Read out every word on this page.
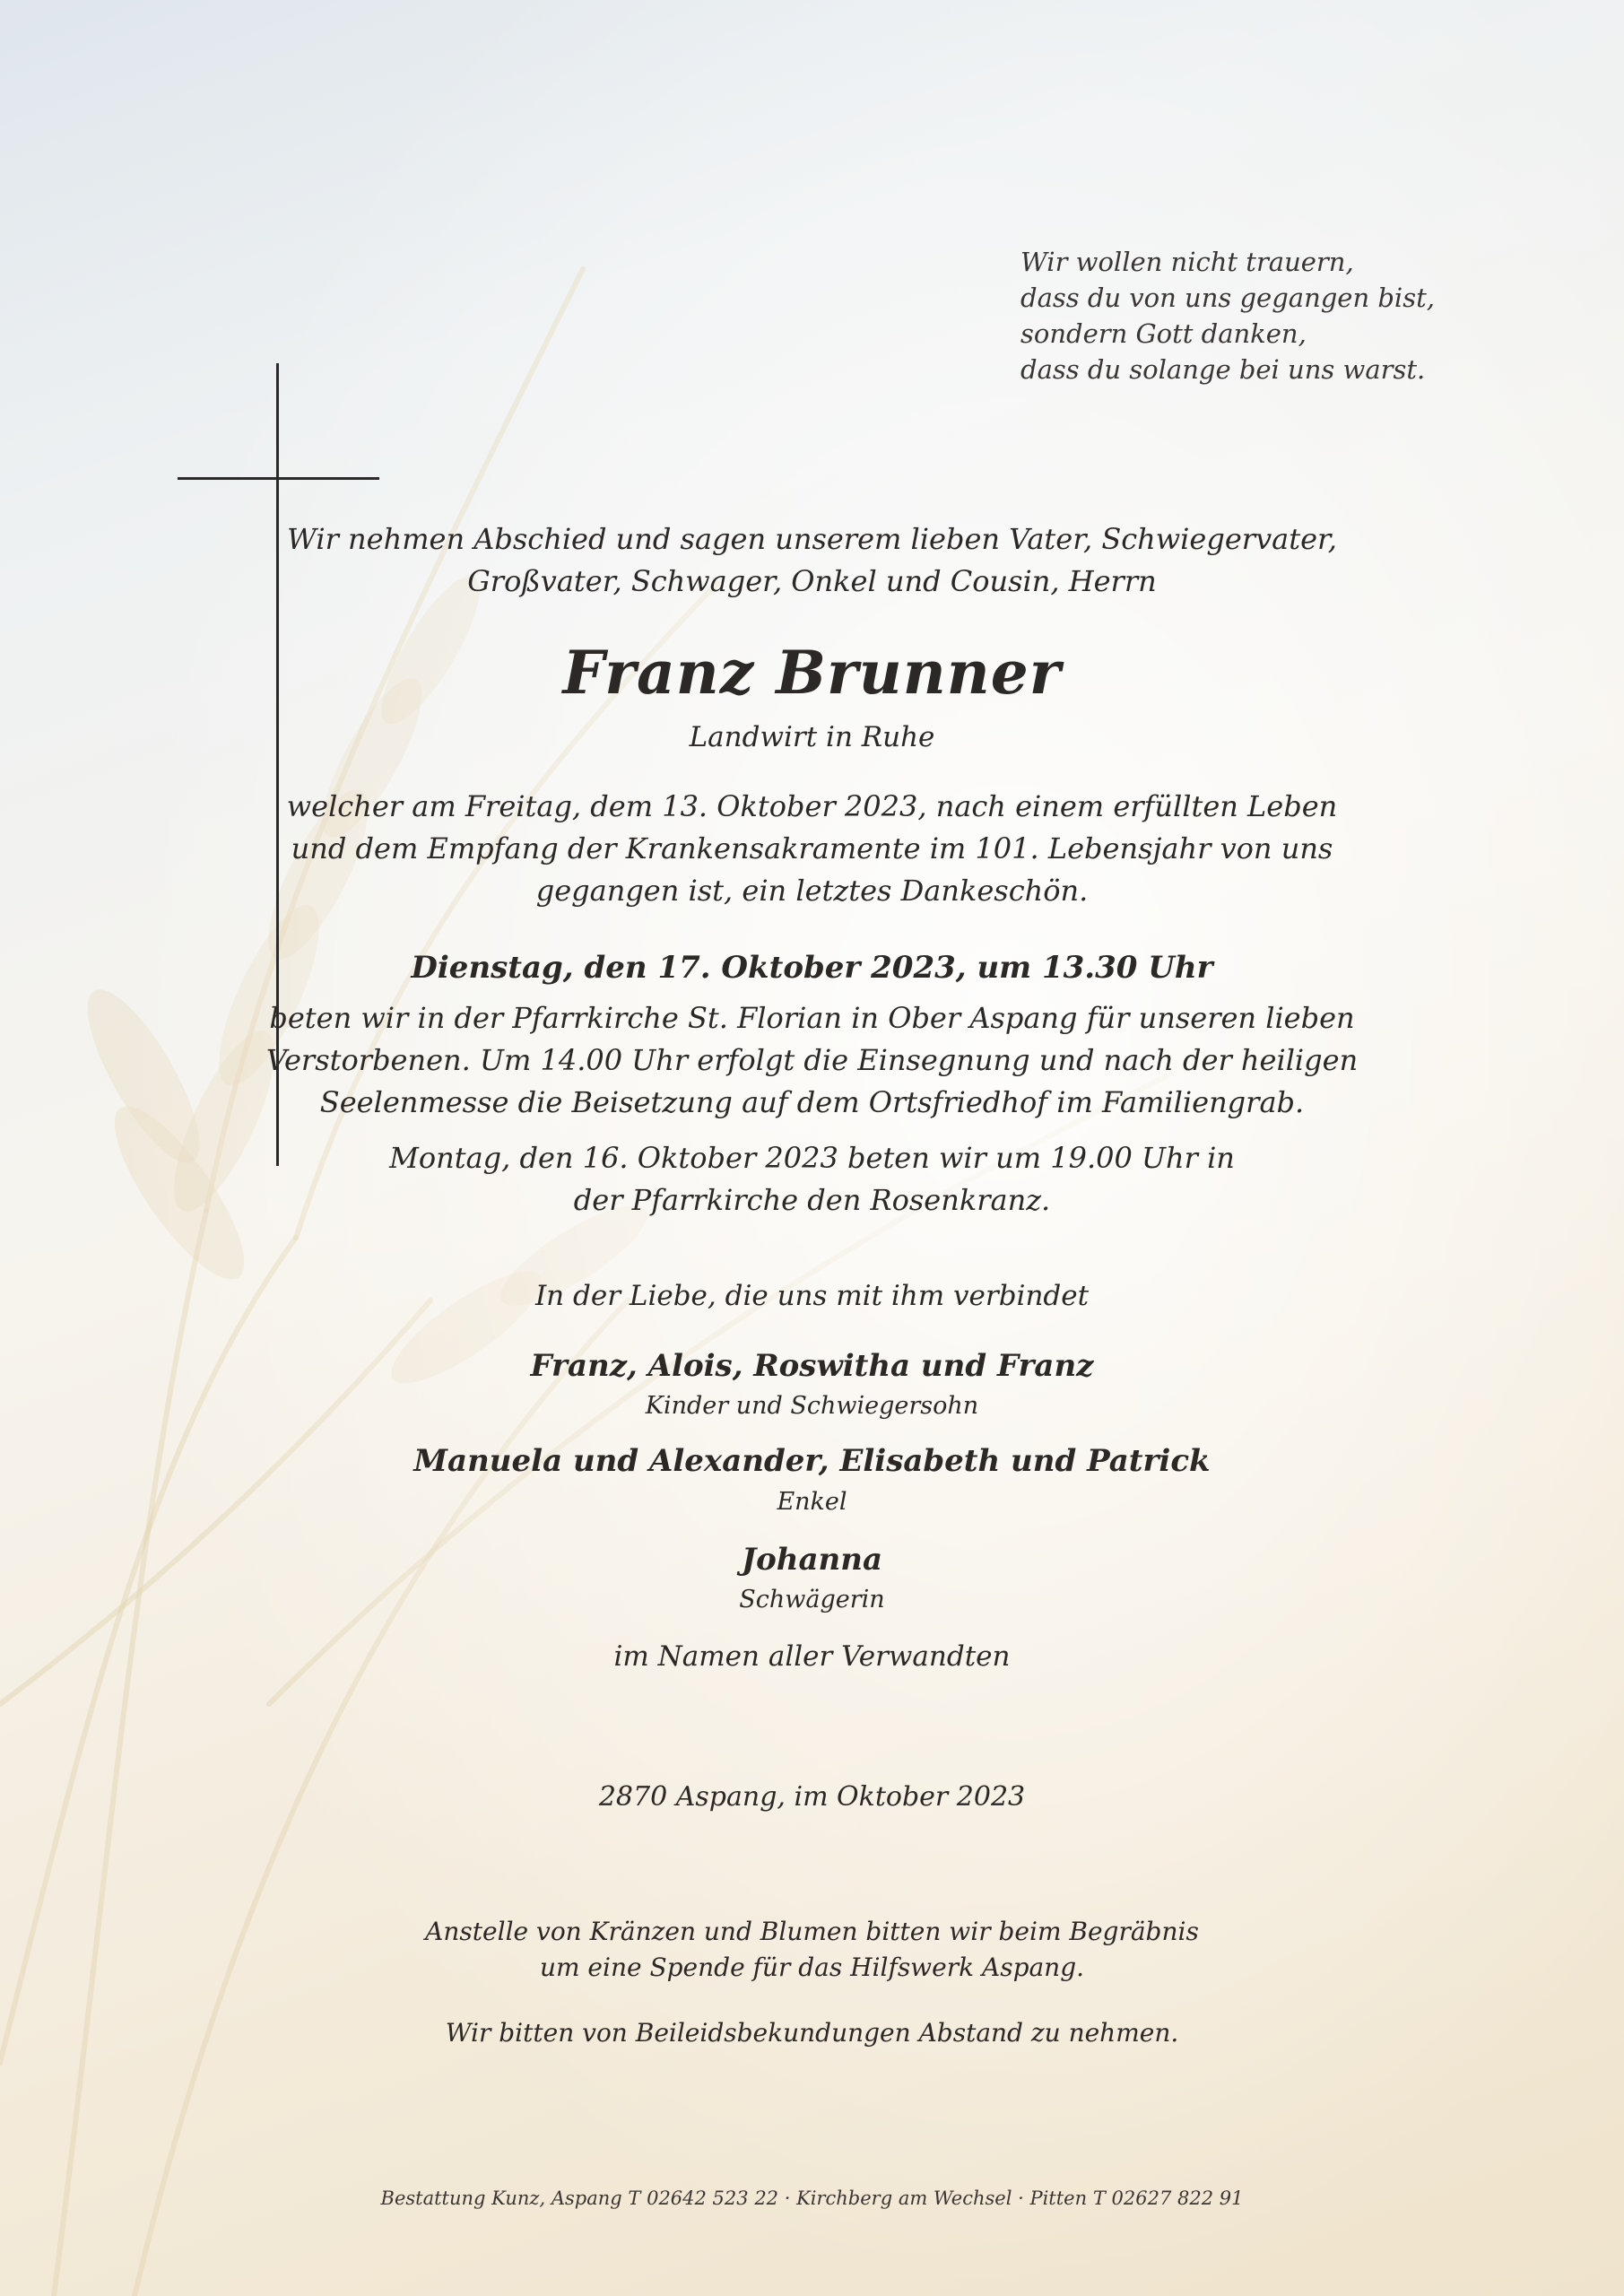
Wir wollen nicht trauern,
dass du von uns gegangen bist,
sondern Gott danken,
dass du solange bei uns warst.
Wir nehmen Abschied und sagen unserem lieben Vater, Schwiegervater,
Großvater, Schwager, Onkel und Cousin, Herrn
Franz Brunner
Landwirt in Ruhe
welcher am Freitag, dem 13. Oktober 2023, nach einem erfüllten Leben
und dem Empfang der Krankensakramente im 101. Lebensjahr von uns
gegangen ist, ein letztes Dankeschön.
Dienstag, den 17. Oktober 2023, um 13.30 Uhr
beten wir in der Pfarrkirche St. Florian in Ober Aspang für unseren lieben
Verstorbenen. Um 14.00 Uhr erfolgt die Einsegnung und nach der heiligen
Seelenmesse die Beisetzung auf dem Ortsfriedhof im Familiengrab.
Montag, den 16. Oktober 2023 beten wir um 19.00 Uhr in
der Pfarrkirche den Rosenkranz.
In der Liebe, die uns mit ihm verbindet
Franz, Alois, Roswitha und Franz
Kinder und Schwiegersohn
Manuela und Alexander, Elisabeth und Patrick
Enkel
Johanna
Schwägerin
im Namen aller Verwandten
2870 Aspang, im Oktober 2023
Anstelle von Kränzen und Blumen bitten wir beim Begräbnis
um eine Spende für das Hilfswerk Aspang.
Wir bitten von Beileidsbekundungen Abstand zu nehmen.
Bestattung Kunz, Aspang T 02642 523 22 · Kirchberg am Wechsel · Pitten T 02627 822 91
